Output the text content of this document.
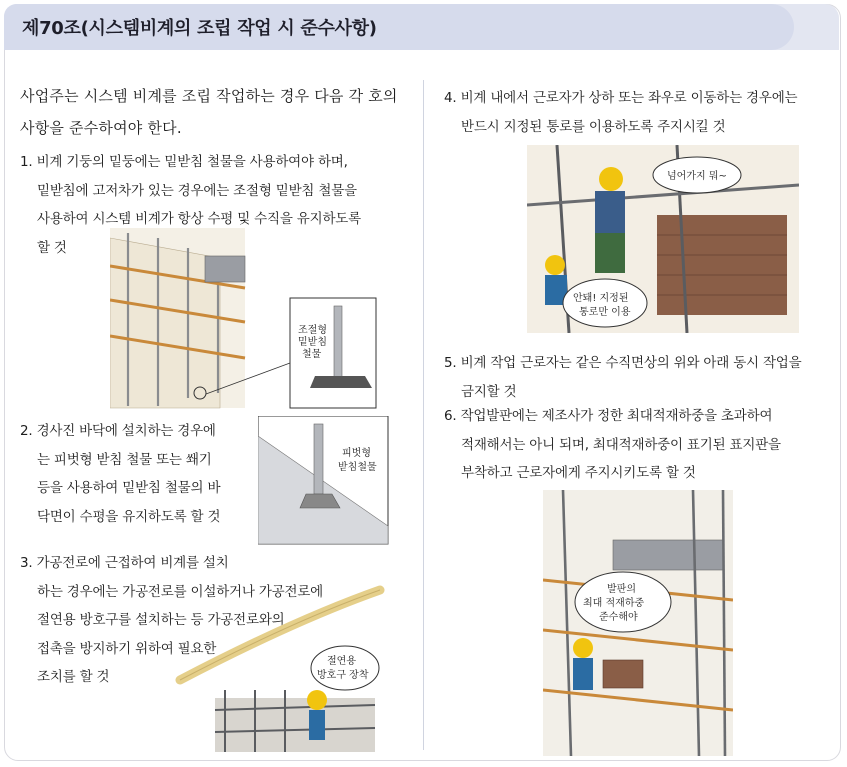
제70조(시스템비계의 조립 작업 시 준수사항)
사업주는 시스템 비계를 조립 작업하는 경우 다음 각 호의 사항을 준수하여야 한다.
1. 비계 기둥의 밑둥에는 밑받침 철물을 사용하여야 하며,
밑받침에 고저차가 있는 경우에는 조절형 밑받침 철물을
사용하여 시스템 비계가 항상 수평 및 수직을 유지하도록
할 것
2. 경사진 바닥에 설치하는 경우에
는 피벗형 받침 철물 또는 쐐기
등을 사용하여 밑받침 철물의 바
닥면이 수평을 유지하도록 할 것
3. 가공전로에 근접하여 비계를 설치
하는 경우에는 가공전로를 이설하거나 가공전로에
절연용 방호구를 설치하는 등 가공전로와의
접촉을 방지하기 위하여 필요한
조치를 할 것
4. 비계 내에서 근로자가 상하 또는 좌우로 이동하는 경우에는
반드시 지정된 통로를 이용하도록 주지시킬 것
5. 비계 작업 근로자는 같은 수직면상의 위와 아래 동시 작업을
금지할 것
6. 작업발판에는 제조사가 정한 최대적재하중을 초과하여
적재해서는 아니 되며, 최대적재하중이 표기된 표지판을
부착하고 근로자에게 주지시키도록 할 것
조절형
밑받침
철물
피벗형
받침철물
절연용
방호구 장착
넘어가지 뭐~
안돼! 지정된
통로만 이용
발판의
최대 적재하중
준수해야
